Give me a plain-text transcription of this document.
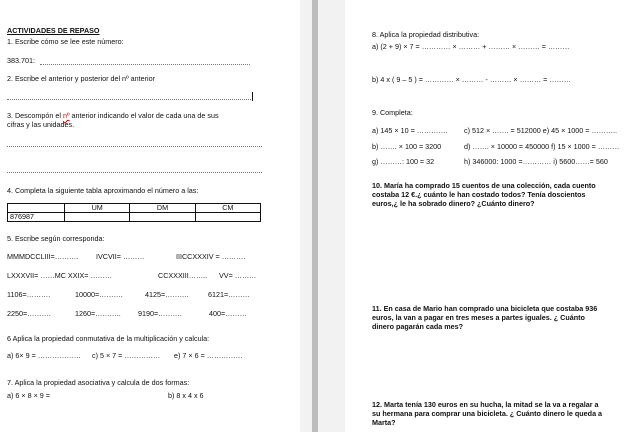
ACTIVIDADES DE REPASO
1. Escribe cómo se lee este número:
383.701:
2. Escribe el anterior y posterior del nº anterior
3. Descompón el nº anterior indicando el valor de cada una de sus
cifras y las unidades.
4. Completa la siguiente tabla aproximando el número a las:
	UM	DM	CM
876987			
5. Escribe según corresponda:
MMMDCCLIII=………. IVCVII= ………	IIICCXXXIV = ……….
LXXXVII= ……MC XXIX= ………	CCXXXIII…….. VV= ………
1106=……….	10000=……….	4125=……….	6121=………
2250=……….	1260=……….. 9190=……….	400=………
6 Aplica la propiedad conmutativa de la multiplicación y calcula:
a) 6× 9 = ……………… c) 5 × 7 = …………… e) 7 × 6 = ……………
7. Aplica la propiedad asociativa y calcula de dos formas:
a) 6 × 8 × 9 =	b) 8 x 4 x 6
8. Aplica la propiedad distributiva:
a) (2 + 9) × 7 = ………… × ……… + ……… × ……… = ………
b) 4 x ( 9 – 5 ) = ………… × ……… - ……… × ……… = ………
9. Completa:
a) 145 × 10 = …………. c) 512 × ……. = 512000 e) 45 × 1000 = ………..
b) ……. × 100 = 3200	d) ……. × 10000 = 450000 f) 15 × 1000 = ………
g) ………: 100 = 32	h) 346000: 1000 =………… i) 5600……= 560
10. María ha comprado 15 cuentos de una colección, cada cuento
costaba 12 €.¿ cuánto le han costado todos? Tenía doscientos
euros,¿ le ha sobrado dinero? ¿Cuánto dinero?
11. En casa de Mario han comprado una bicicleta que costaba 936
euros, la van a pagar en tres meses a partes iguales. ¿ Cuánto
dinero pagarán cada mes?
12. Marta tenía 130 euros en su hucha, la mitad se la va a regalar a
su hermana para comprar una bicicleta. ¿ Cuánto dinero le queda a
Marta?
